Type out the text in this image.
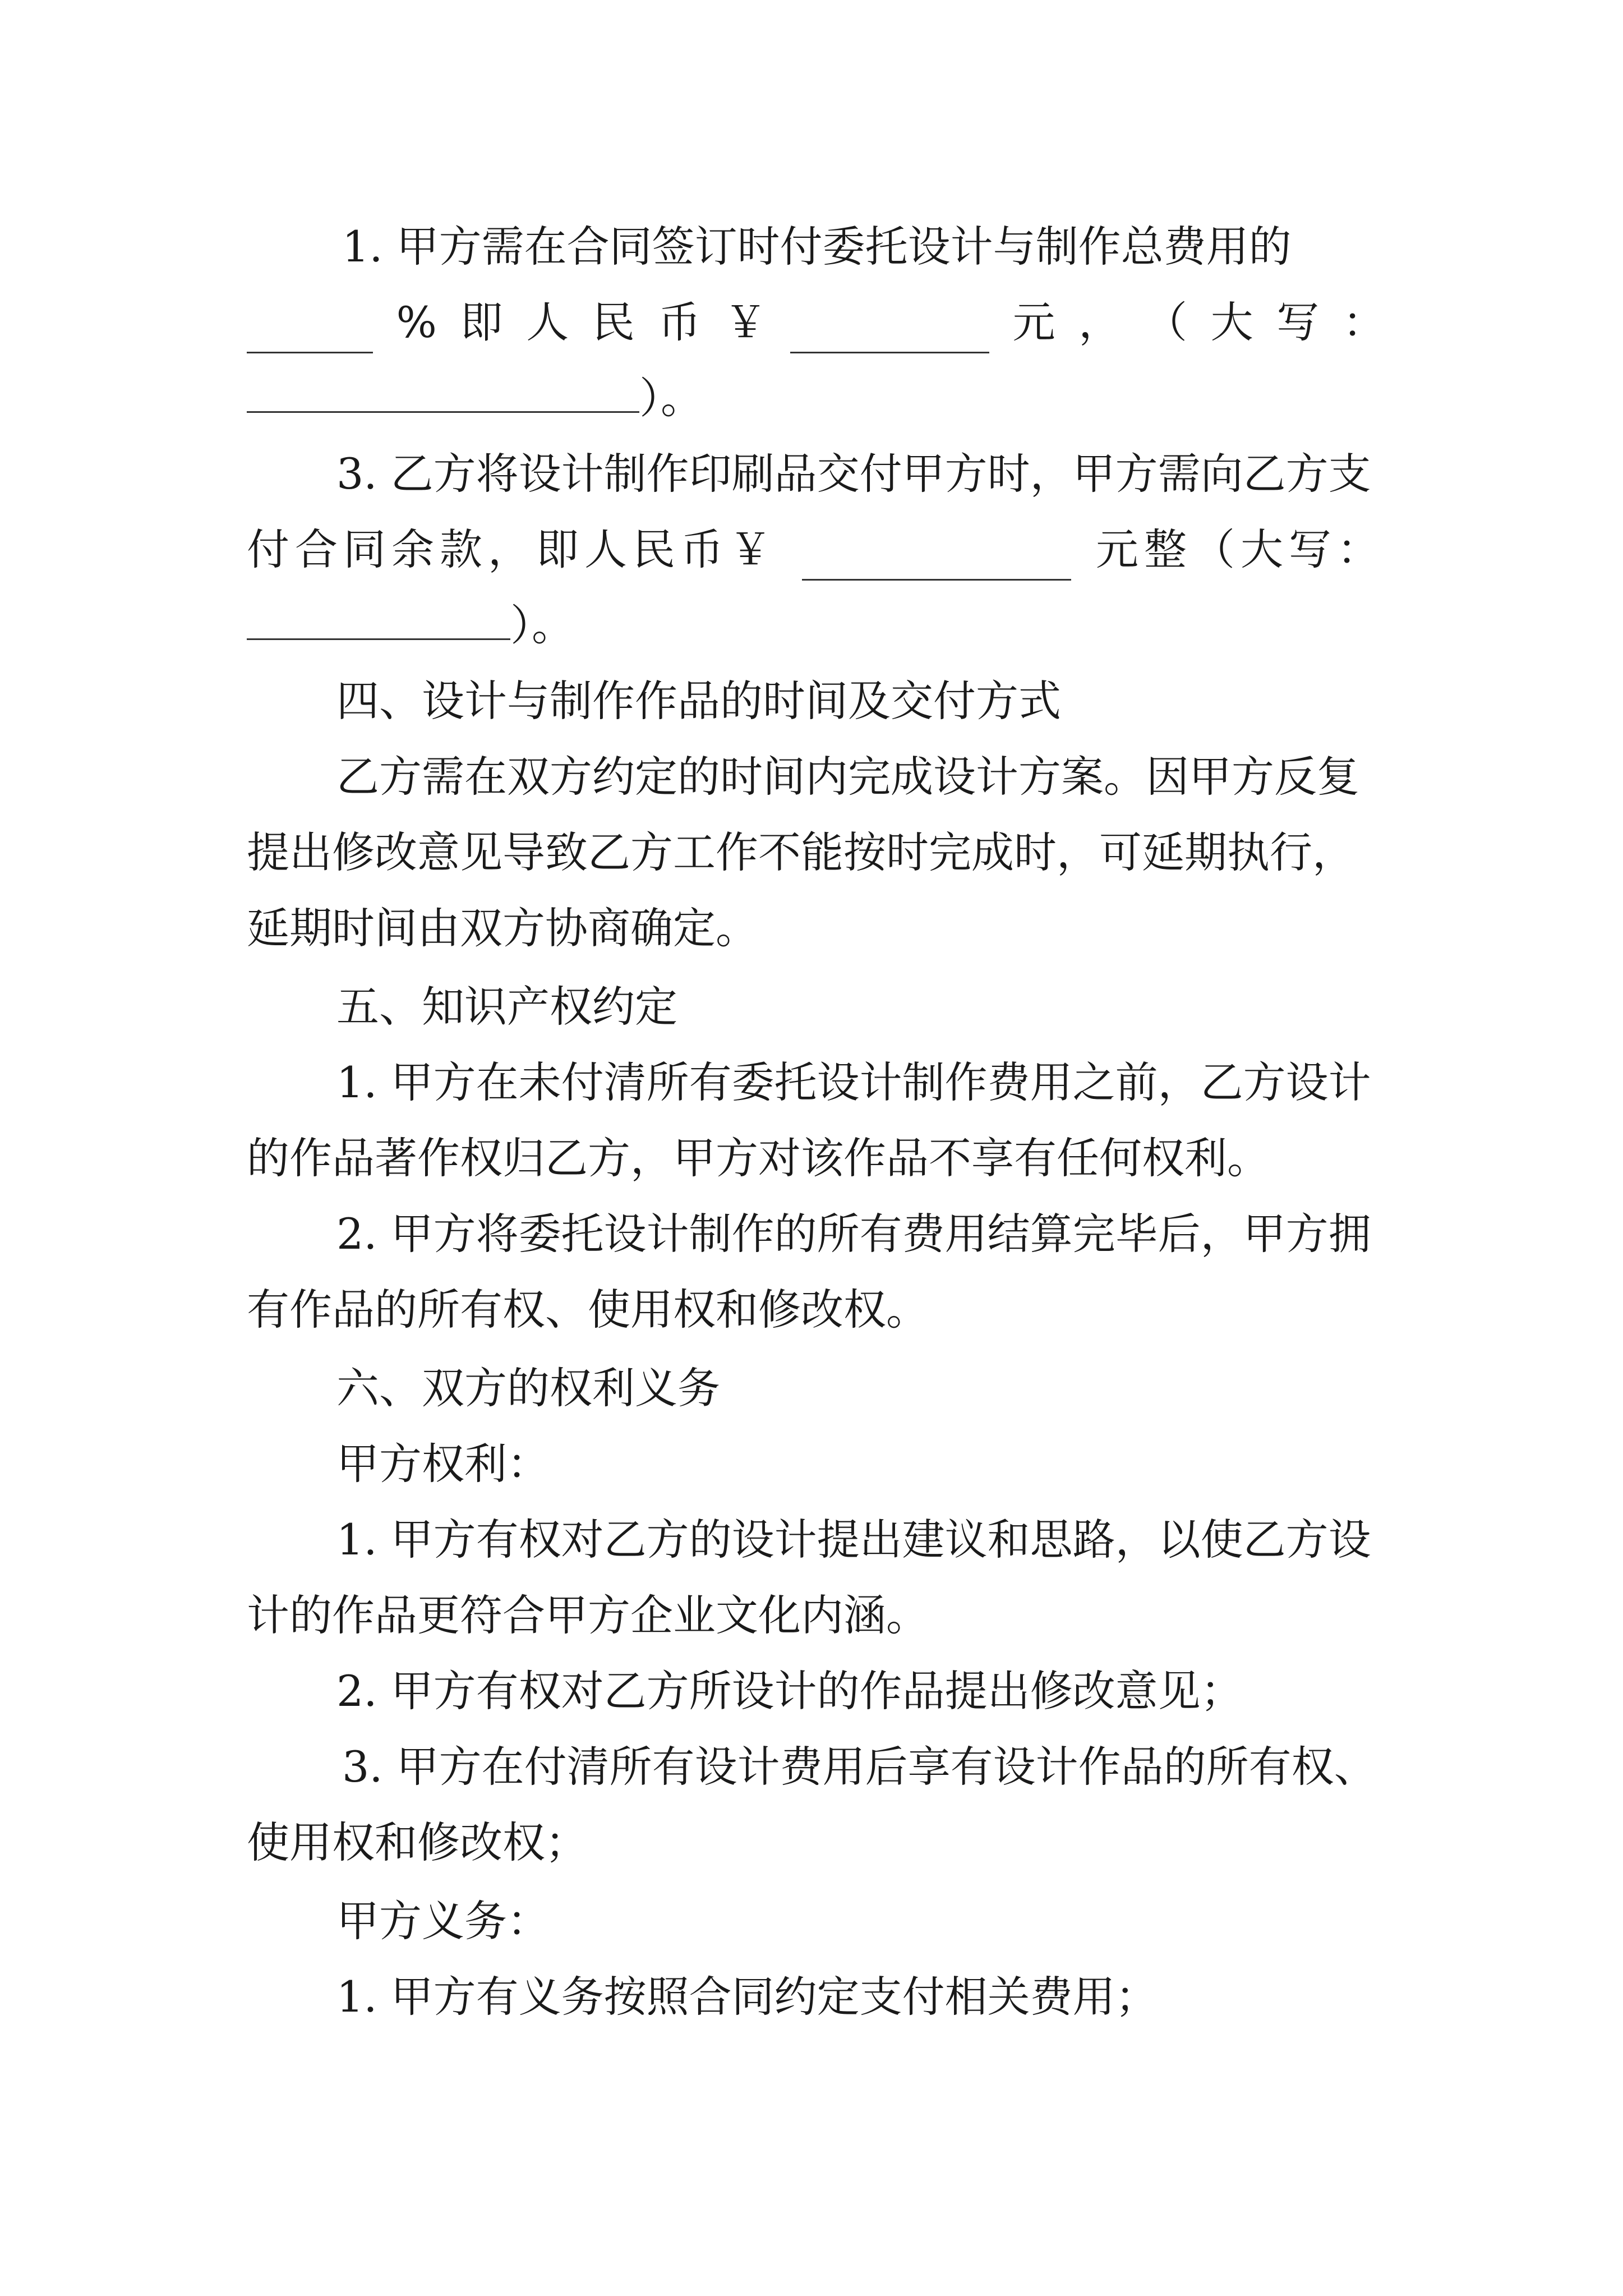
1. 甲方需在合同签订时付委托设计与制作总费用的
% 即 人 民 币 ￥	元 ， （ 大 写 ：
）。
3. 乙方将设计制作印刷品交付甲方时，甲方需向乙方支
付合同余款，即人民币￥	元整（大写：
）。
四、设计与制作作品的时间及交付方式
乙方需在双方约定的时间内完成设计方案。因甲方反复
提出修改意见导致乙方工作不能按时完成时，可延期执行，
延期时间由双方协商确定。
五、知识产权约定
1. 甲方在未付清所有委托设计制作费用之前，乙方设计
的作品著作权归乙方，甲方对该作品不享有任何权利。
2. 甲方将委托设计制作的所有费用结算完毕后，甲方拥
有作品的所有权、使用权和修改权。
六、双方的权利义务
甲方权利：
1. 甲方有权对乙方的设计提出建议和思路，以使乙方设
计的作品更符合甲方企业文化内涵。
2. 甲方有权对乙方所设计的作品提出修改意见；
3. 甲方在付清所有设计费用后享有设计作品的所有权、
使用权和修改权；
甲方义务：
1. 甲方有义务按照合同约定支付相关费用；
